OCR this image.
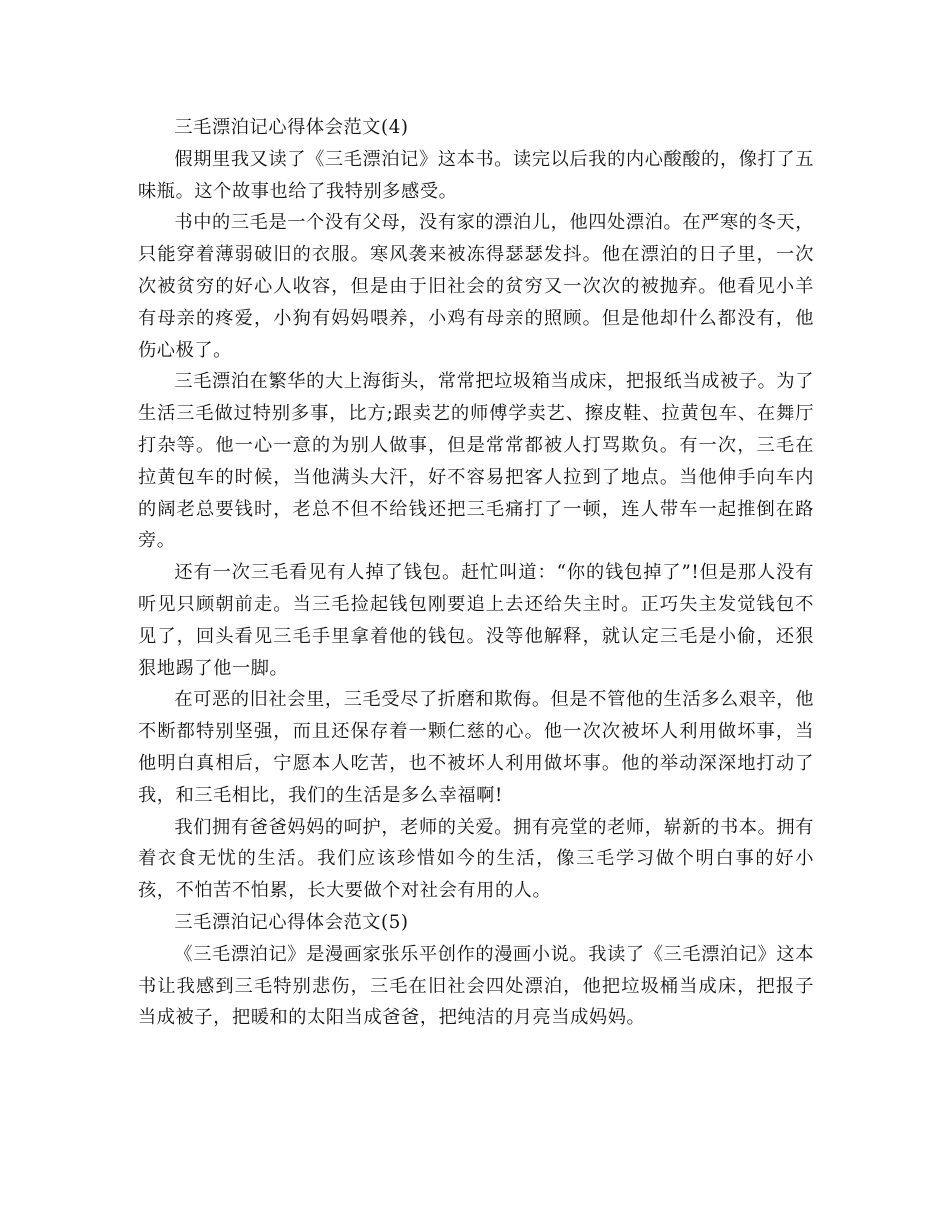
三毛漂泊记心得体会范文(4)

假期里我又读了《三毛漂泊记》这本书。读完以后我的内心酸酸的，像打了五味瓶。这个故事也给了我特别多感受。

书中的三毛是一个没有父母，没有家的漂泊儿，他四处漂泊。在严寒的冬天，只能穿着薄弱破旧的衣服。寒风袭来被冻得瑟瑟发抖。他在漂泊的日子里，一次次被贫穷的好心人收容，但是由于旧社会的贫穷又一次次的被抛弃。他看见小羊有母亲的疼爱，小狗有妈妈喂养，小鸡有母亲的照顾。但是他却什么都没有，他伤心极了。

三毛漂泊在繁华的大上海街头，常常把垃圾箱当成床，把报纸当成被子。为了生活三毛做过特别多事，比方;跟卖艺的师傅学卖艺、擦皮鞋、拉黄包车、在舞厅打杂等。他一心一意的为别人做事，但是常常都被人打骂欺负。有一次，三毛在拉黄包车的时候，当他满头大汗，好不容易把客人拉到了地点。当他伸手向车内的阔老总要钱时，老总不但不给钱还把三毛痛打了一顿，连人带车一起推倒在路旁。

还有一次三毛看见有人掉了钱包。赶忙叫道：“你的钱包掉了”!但是那人没有听见只顾朝前走。当三毛捡起钱包刚要追上去还给失主时。正巧失主发觉钱包不见了，回头看见三毛手里拿着他的钱包。没等他解释，就认定三毛是小偷，还狠狠地踢了他一脚。

在可恶的旧社会里，三毛受尽了折磨和欺侮。但是不管他的生活多么艰辛，他不断都特别坚强，而且还保存着一颗仁慈的心。他一次次被坏人利用做坏事，当他明白真相后，宁愿本人吃苦，也不被坏人利用做坏事。他的举动深深地打动了我，和三毛相比，我们的生活是多么幸福啊!

我们拥有爸爸妈妈的呵护，老师的关爱。拥有亮堂的老师，崭新的书本。拥有着衣食无忧的生活。我们应该珍惜如今的生活，像三毛学习做个明白事的好小孩，不怕苦不怕累，长大要做个对社会有用的人。

三毛漂泊记心得体会范文(5)

《三毛漂泊记》是漫画家张乐平创作的漫画小说。我读了《三毛漂泊记》这本书让我感到三毛特别悲伤，三毛在旧社会四处漂泊，他把垃圾桶当成床，把报子当成被子，把暖和的太阳当成爸爸，把纯洁的月亮当成妈妈。
